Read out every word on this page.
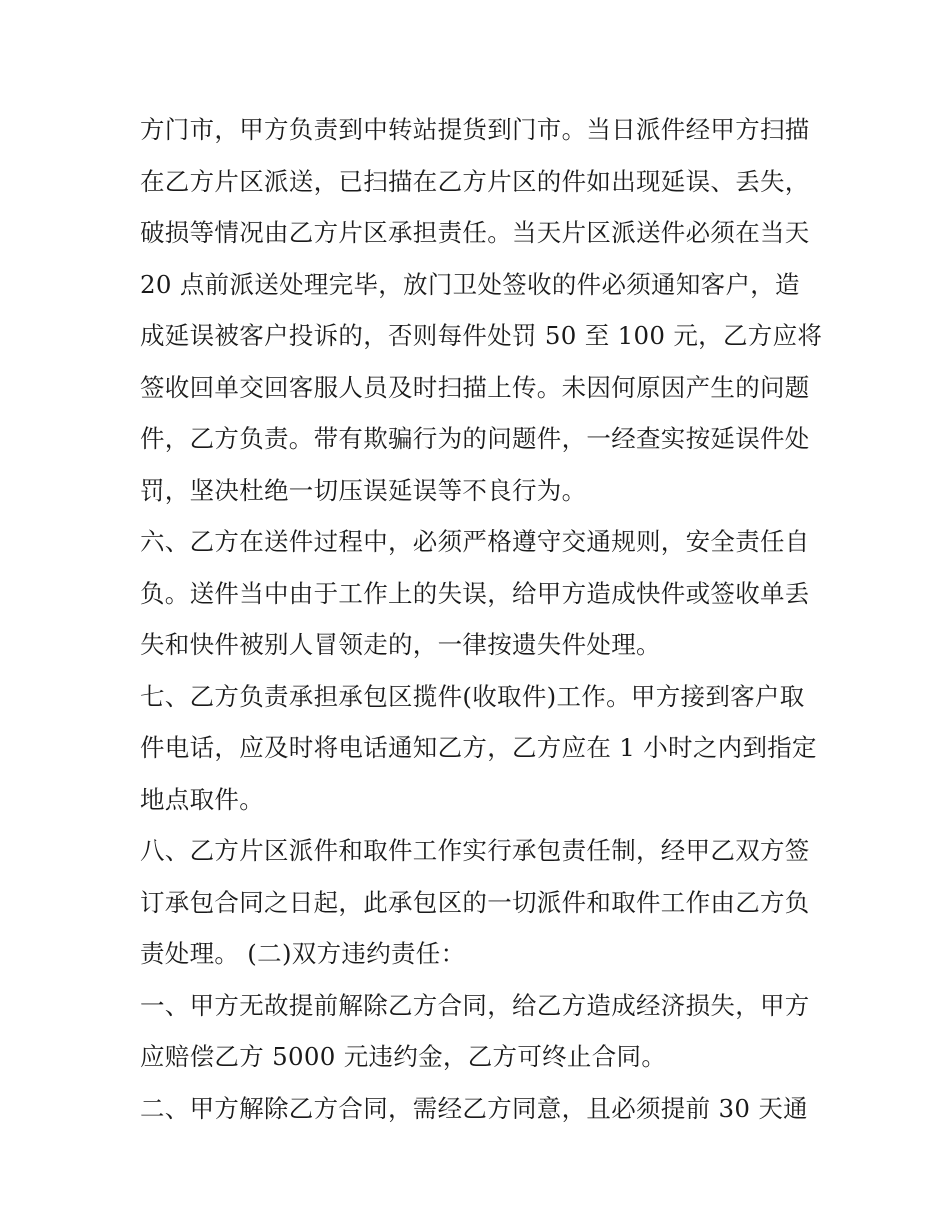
方门市，甲方负责到中转站提货到门市。当日派件经甲方扫描
在乙方片区派送，已扫描在乙方片区的件如出现延误、丢失，
破损等情况由乙方片区承担责任。当天片区派送件必须在当天
20 点前派送处理完毕，放门卫处签收的件必须通知客户，造
成延误被客户投诉的，否则每件处罚 50 至 100 元，乙方应将
签收回单交回客服人员及时扫描上传。未因何原因产生的问题
件，乙方负责。带有欺骗行为的问题件，一经查实按延误件处
罚，坚决杜绝一切压误延误等不良行为。
六、乙方在送件过程中，必须严格遵守交通规则，安全责任自
负。送件当中由于工作上的失误，给甲方造成快件或签收单丢
失和快件被别人冒领走的，一律按遗失件处理。
七、乙方负责承担承包区揽件(收取件)工作。甲方接到客户取
件电话，应及时将电话通知乙方，乙方应在 1 小时之内到指定
地点取件。
八、乙方片区派件和取件工作实行承包责任制，经甲乙双方签
订承包合同之日起，此承包区的一切派件和取件工作由乙方负
责处理。 (二)双方违约责任：
一、甲方无故提前解除乙方合同，给乙方造成经济损失，甲方
应赔偿乙方 5000 元违约金，乙方可终止合同。
二、甲方解除乙方合同，需经乙方同意，且必须提前 30 天通
